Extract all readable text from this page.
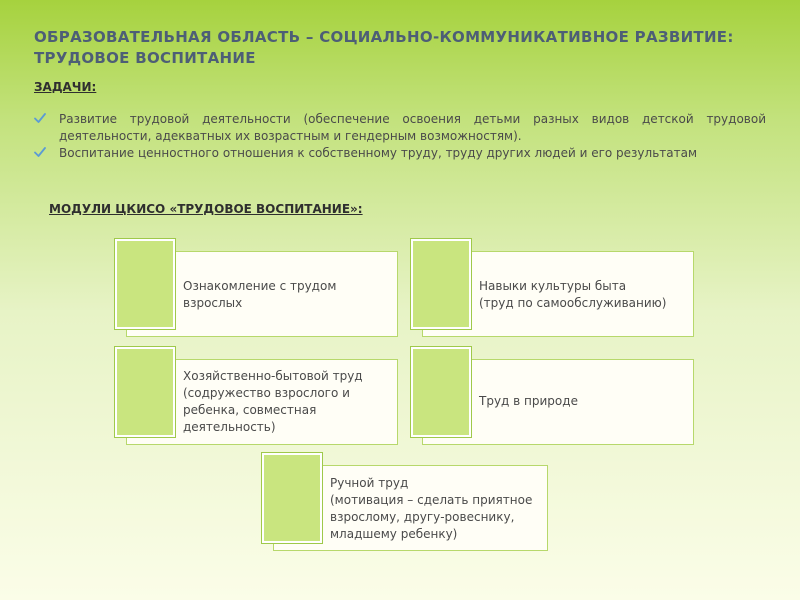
ОБРАЗОВАТЕЛЬНАЯ ОБЛАСТЬ – СОЦИАЛЬНО-КОММУНИКАТИВНОЕ РАЗВИТИЕ: ТРУДОВОЕ ВОСПИТАНИЕ
ЗАДАЧИ:
Развитие трудовой деятельности (обеспечение освоения детьми разных видов детской трудовой деятельности, адекватных их возрастным и гендерным возможностям).
Воспитание ценностного отношения к собственному труду, труду других людей и его результатам
МОДУЛИ ЦКИСО «ТРУДОВОЕ ВОСПИТАНИЕ»:
Ознакомление с трудом
взрослых
Навыки культуры быта
(труд по самообслуживанию)
Хозяйственно-бытовой труд
(содружество взрослого и
ребенка, совместная
деятельность)
Труд в природе
Ручной труд
(мотивация – сделать приятное
взрослому, другу-ровеснику,
младшему ребенку)
